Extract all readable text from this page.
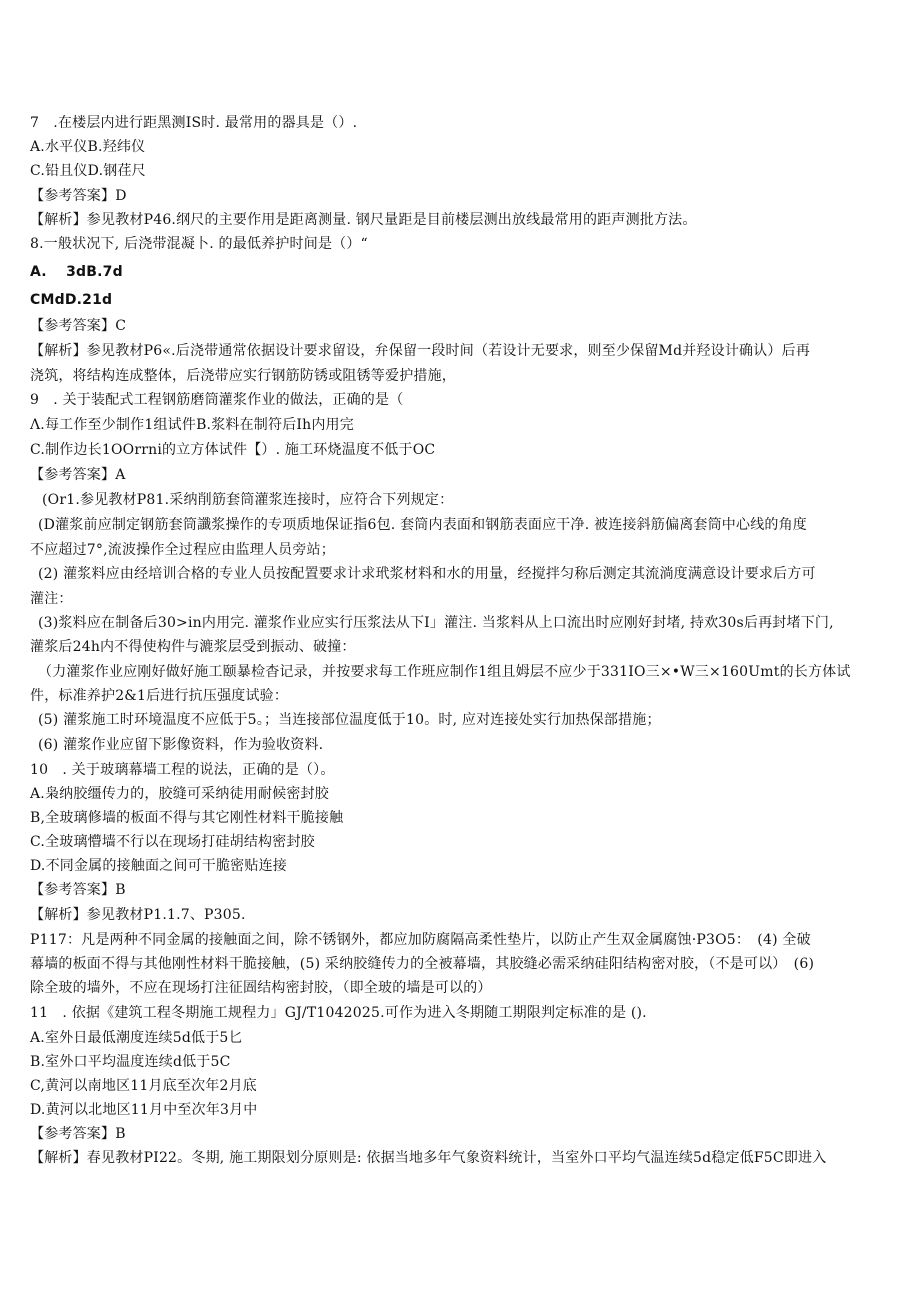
7　.在楼层内进行距黑测IS时. 最常用的器具是（）.
A.水平仪B.羟纬仪
C.铅且仪D.钢荏尺
【参考答案】D
【解析】参见教材P46.纲尺的主要作用是距离测量. 钢尺量距是目前楼层测出放线最常用的距声测批方法。
8.一般状况下, 后浇带混凝卜. 的最低养护时间是（）“
A.　 3dB.7d
CMdD.21d
【参考答案】C
【解析】参见教材P6«.后浇带通常依据设计要求留设，弁保留一段时间（若设计无要求，则至少保留Md并羟设计确认）后再
浇筑，将结构连成整体，后浇带应实行钢筋防锈或阻锈等爱护措施，
9　. 关于装配式工程钢筋磨筒灌浆作业的做法，正确的是（
Λ.每工作至少制作1组试件B.浆料在制符后Ih内用完
C.制作边长1OOrrni的立方体试件【）. 施工环烧温度不低于OC
【参考答案】A
(Or1.参见教材P81.采纳削筋套筒灌浆连接时，应符合下列规定：
(D灌浆前应制定钢筋套筒讖浆操作的专项质地保证指6包. 套筒内表面和钢筋表面应干净. 被连接斜筋偏离套筒中心线的角度
不应超过7°,流波操作全过程应由监理人员旁站；
(2) 灌浆料应由经培训合格的专业人员按配置要求计求玳浆材料和水的用量，经搅拌匀称后测定其流淌度满意设计要求后方可
灌注：
(3)浆料应在制备后30>in内用完. 灌浆作业应实行压浆法从下I」灌注. 当浆料从上口流出时应刚好封堵, 持欢30s后再封堵下门,
灌浆后24h内不得使构件与漉浆层受到振动、破撞：
（力灌浆作业应刚好做好施工颐暴检杳记录，并按要求每工作班应制作1组且姆层不应少于331IO三×•W三×160Umt的长方体试
件，标准养护2&1后进行抗压强度试验：
(5) 灌浆施工时环境温度不应低于5。；当连接部位温度低于10。时, 应对连接处实行加热保部措施；
(6) 灌浆作业应留下影像资料，作为验收资料.
10　. 关于玻璃幕墙工程的说法，正确的是（）。
A.枭纳胶缰传力的，胶缝可采纳徒用耐候密封胶
B,全玻璃修墙的板面不得与其它刚性材料干脆接触
C.全玻璃懵墙不行以在现场打硅胡结构密封胶
D.不同金属的接触面之间可干脆密贴连接
【参考答案】B
【解析】参见教材P1.1.7、P305.
P117：凡是两种不同金属的接触面之间，除不锈钢外，都应加防腐隔高柔性垫片，以防止产生双金属腐蚀·P3O5：　(4) 全破
幕墙的板面不得与其他刚性材料干脆接触，(5) 采纳胶缝传力的全被幕墙，其胶缝必需采纳硅阳结构密对胶，（不是可以）　(6)
除全玻的墙外，不应在现场打注征圄结构密封胶，（即全玻的墙是可以的）
11　. 依据《建筑工程冬期施工规程力」GJ/T1042025.可作为进入冬期随工期限判定标准的是 ().
A.室外日最低潮度连续5d低于5匕
B.室外口平均温度连续d低于5C
C,黄河以南地区11月底至次年2月底
D.黄河以北地区11月中至次年3月中
【参考答案】B
【解析】春见教材PI22。冬期, 施工期限划分原则是: 依据当地多年气象资料统计，当室外口平均气温连续5d稳定低F5C即进入
